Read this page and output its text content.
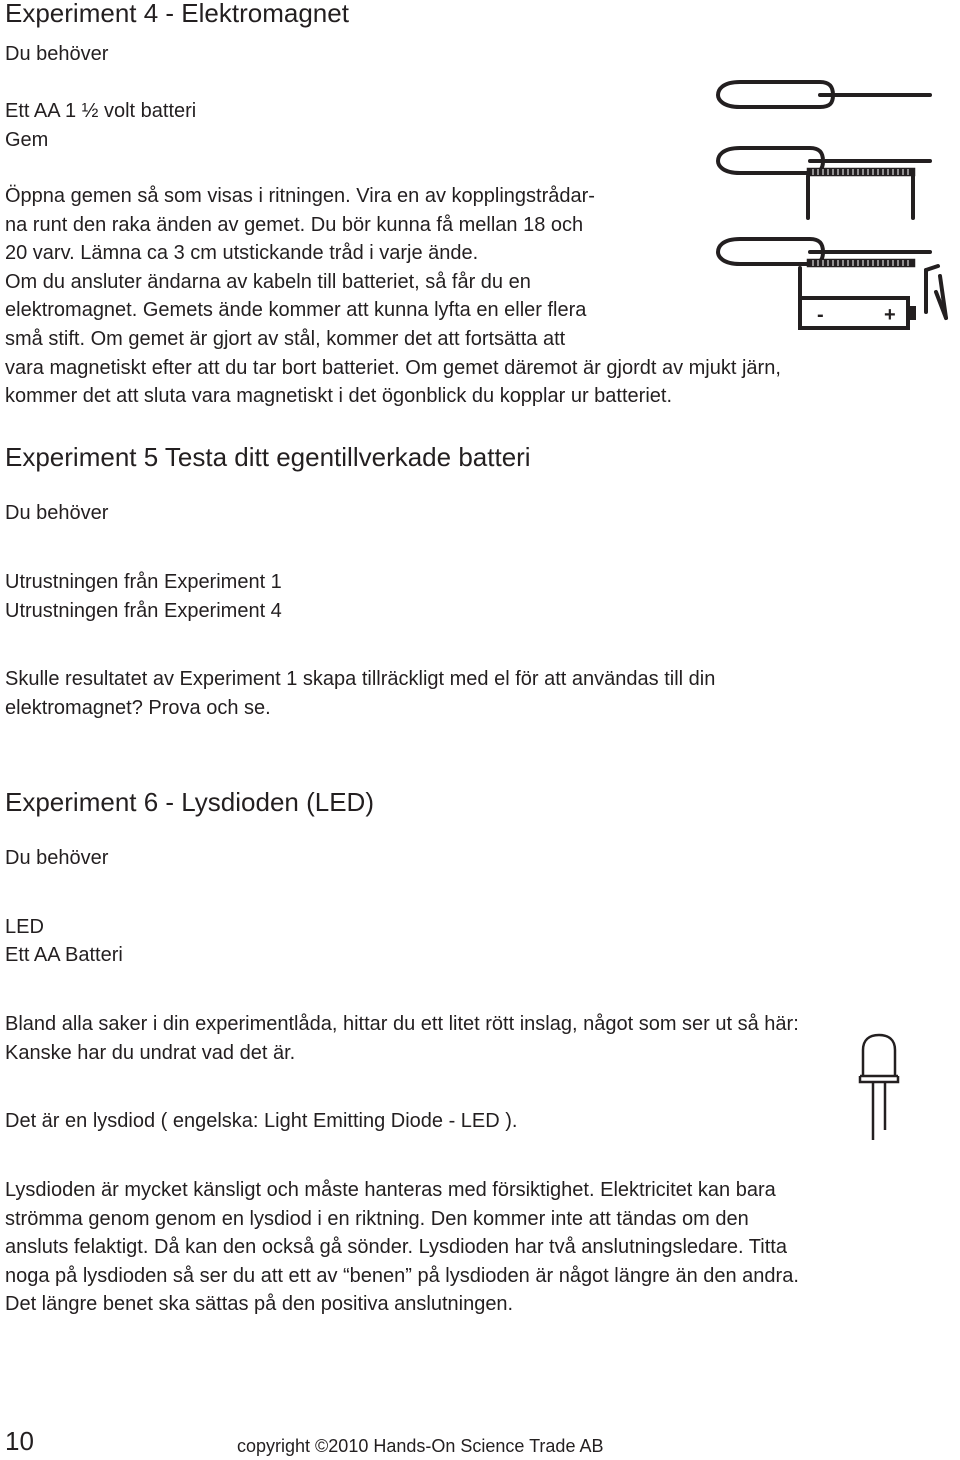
Experiment 4 - Elektromagnet
Du behöver
Ett AA 1 ½ volt batteri
Gem
Öppna gemen så som visas i ritningen. Vira en av kopplingstrådar-
na runt den raka änden av gemet. Du bör kunna få mellan 18 och
20 varv. Lämna ca 3 cm utstickande tråd i varje ände.
Om du ansluter ändarna av kabeln till batteriet, så får du en
elektromagnet. Gemets ände kommer att kunna lyfta en eller flera
små stift. Om gemet är gjort av stål, kommer det att fortsätta att
vara magnetiskt efter att du tar bort batteriet. Om gemet däremot är gjordt av mjukt järn,
kommer det att sluta vara magnetiskt i det ögonblick du kopplar ur batteriet.
-	+
Experiment 5 Testa ditt egentillverkade batteri
Du behöver
Utrustningen från Experiment 1
Utrustningen från Experiment 4
Skulle resultatet av Experiment 1 skapa tillräckligt med el för att användas till din
elektromagnet? Prova och se.
Experiment 6 - Lysdioden (LED)
Du behöver
LED
Ett AA Batteri
Bland alla saker i din experimentlåda, hittar du ett litet rött inslag, något som ser ut så här:
Kanske har du undrat vad det är.
Det är en lysdiod ( engelska: Light Emitting Diode - LED ).
Lysdioden är mycket känsligt och måste hanteras med försiktighet. Elektricitet kan bara
strömma genom genom en lysdiod i en riktning. Den kommer inte att tändas om den
ansluts felaktigt. Då kan den också gå sönder. Lysdioden har två anslutningsledare. Titta
noga på lysdioden så ser du att ett av “benen” på lysdioden är något längre än den andra.
Det längre benet ska sättas på den positiva anslutningen.
10	copyright ©2010 Hands-On Science Trade AB
